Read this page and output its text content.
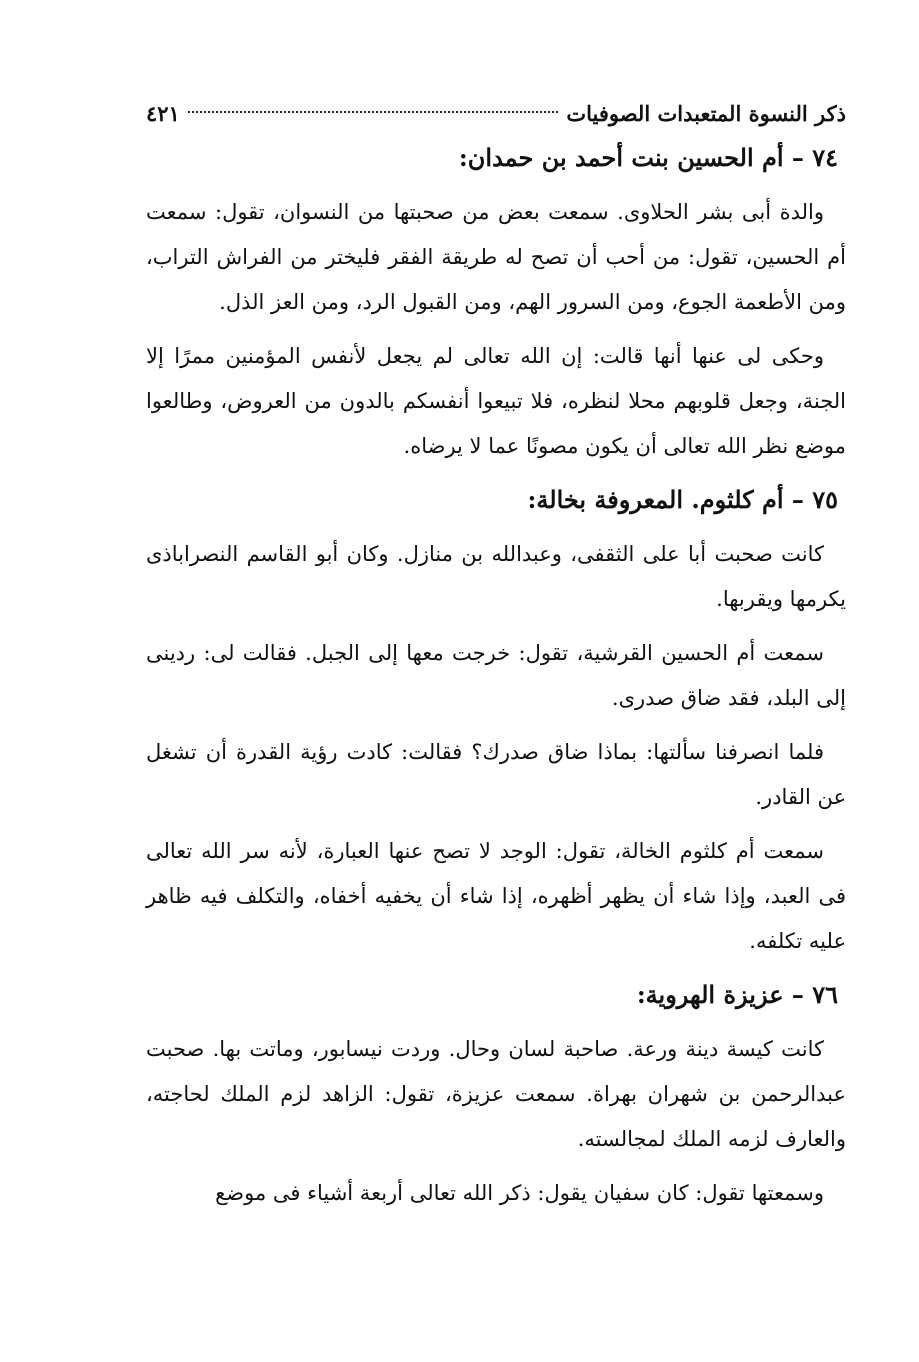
ذكر النسوة المتعبدات الصوفيات
٤٢١
٧٤ – أم الحسين بنت أحمد بن حمدان:

والدة أبى بشر الحلاوى. سمعت بعض من صحبتها من النسوان، تقول: سمعت أم الحسين، تقول: من أحب أن تصح له طريقة الفقر فليختر من الفراش التراب، ومن الأطعمة الجوع، ومن السرور الهم، ومن القبول الرد، ومن العز الذل.

وحكى لى عنها أنها قالت: إن الله تعالى لم يجعل لأنفس المؤمنين ممرًا إلا الجنة، وجعل قلوبهم محلا لنظره، فلا تبيعوا أنفسكم بالدون من العروض، وطالعوا موضع نظر الله تعالى أن يكون مصونًا عما لا يرضاه.

٧٥ – أم كلثوم. المعروفة بخالة:

كانت صحبت أبا على الثقفى، وعبدالله بن منازل. وكان أبو القاسم النصراباذى يكرمها ويقربها.

سمعت أم الحسين القرشية، تقول: خرجت معها إلى الجبل. فقالت لى: ردينى إلى البلد، فقد ضاق صدرى.

فلما انصرفنا سألتها: بماذا ضاق صدرك؟ فقالت: كادت رؤية القدرة أن تشغل عن القادر.

سمعت أم كلثوم الخالة، تقول: الوجد لا تصح عنها العبارة، لأنه سر الله تعالى فى العبد، وإذا شاء أن يظهر أظهره، إذا شاء أن يخفيه أخفاه، والتكلف فيه ظاهر عليه تكلفه.

٧٦ – عزيزة الهروية:

كانت كيسة دينة ورعة. صاحبة لسان وحال. وردت نيسابور، وماتت بها. صحبت عبدالرحمن بن شهران بهراة. سمعت عزيزة، تقول: الزاهد لزم الملك لحاجته، والعارف لزمه الملك لمجالسته.

وسمعتها تقول: كان سفيان يقول: ذكر الله تعالى أربعة أشياء فى موضع
